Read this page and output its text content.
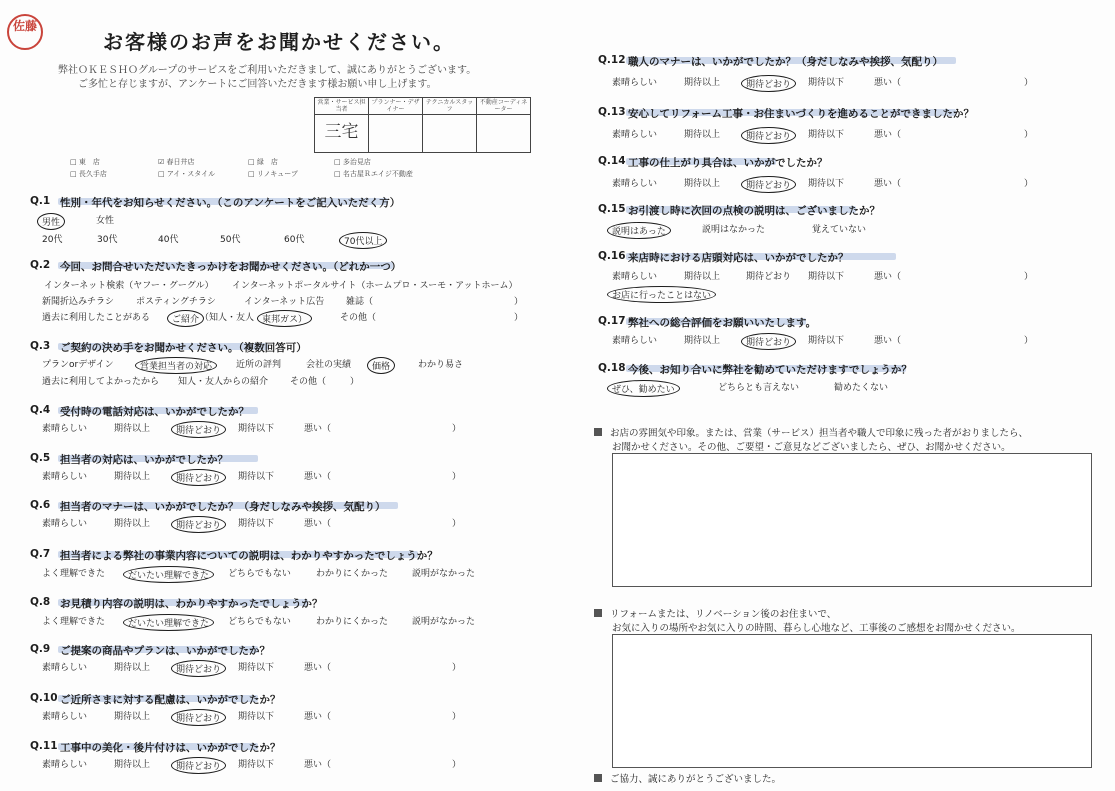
佐藤
お客様のお声をお聞かせください。
弊社ＯＫＥＳＨＯグループのサービスをご利用いただきまして、誠にありがとうございます。
ご多忙と存じますが、アンケートにご回答いただきます様お願い申し上げます。
営業・サービス担当者	プランナー・デザイナー	テクニカルスタッフ	不動産コーディネーター
三宅			
□ 東　店	☑ 春日井店	□ 緑　店	□ 多治見店
□ 長久手店	□ アイ・スタイル	□ リノキューブ	□ 名古屋Ｒエイジ不動産
Q.1 性別・年代をお知らせください。（このアンケートをご記入いただく方）
男性	女性
20代	30代	40代	50代	60代	70代以上
Q.2 今回、お問合せいただいたきっかけをお聞かせください。（どれか一つ）
インターネット検索（ヤフー・グーグル） インターネットポータルサイト（ホームプロ・スーモ・アットホーム）
新聞折込みチラシ ポスティングチラシ	インターネット広告 雑誌（	）
過去に利用したことがある	ご紹介 （知人・友人 東邦ガス）	その他（	）
Q.3 ご契約の決め手をお聞かせください。（複数回答可）
プランorデザイン	営業担当者の対応	近所の評判	会社の実績	価格	わかり易さ
過去に利用してよかったから 知人・友人からの紹介 その他（	）
Q.4 受付時の電話対応は、いかがでしたか？
素晴らしい	期待以上	期待どおり	期待以下	悪い（	）
Q.5 担当者の対応は、いかがでしたか？
素晴らしい	期待以上	期待どおり	期待以下	悪い（	）
Q.6 担当者のマナーは、いかがでしたか？（身だしなみや挨拶、気配り）
素晴らしい	期待以上	期待どおり	期待以下	悪い（	）
Q.9 ご提案の商品やプランは、いかがでしたか？
素晴らしい	期待以上	期待どおり	期待以下	悪い（	）
Q.10 ご近所さまに対する配慮は、いかがでしたか？
素晴らしい	期待以上	期待どおり	期待以下	悪い（	）
Q.11 工事中の美化・後片付けは、いかがでしたか？
素晴らしい	期待以上	期待どおり	期待以下	悪い（	）
Q.7 担当者による弊社の事業内容についての説明は、わかりやすかったでしょうか？
よく理解できた	だいたい理解できた	どちらでもない	わかりにくかった	説明がなかった
Q.8 お見積り内容の説明は、わかりやすかったでしょうか？
よく理解できた	だいたい理解できた	どちらでもない	わかりにくかった	説明がなかった
Q.12 職人のマナーは、いかがでしたか？（身だしなみや挨拶、気配り）
素晴らしい	期待以上	期待どおり	期待以下	悪い（	）
Q.13 安心してリフォーム工事・お住まいづくりを進めることができましたか？
素晴らしい	期待以上	期待どおり	期待以下	悪い（	）
Q.14 工事の仕上がり具合は、いかがでしたか？
素晴らしい	期待以上	期待どおり	期待以下	悪い（	）
Q.15 お引渡し時に次回の点検の説明は、ございましたか？
説明はあった	説明はなかった	覚えていない
Q.16 来店時における店頭対応は、いかがでしたか？
素晴らしい	期待以上	期待どおり 期待以下	悪い（	）
お店に行ったことはない
Q.17 弊社への総合評価をお願いいたします。
素晴らしい	期待以上	期待どおり	期待以下	悪い（	）
Q.18 今後、お知り合いに弊社を勧めていただけますでしょうか？
ぜひ、勧めたい	どちらとも言えない	勧めたくない
お店の雰囲気や印象。または、営業（サービス）担当者や職人で印象に残った者がおりましたら、
お聞かせください。その他、ご要望・ご意見などございましたら、ぜひ、お聞かせください。
リフォームまたは、リノベーション後のお住まいで、
お気に入りの場所やお気に入りの時間、暮らし心地など、工事後のご感想をお聞かせください。
ご協力、誠にありがとうございました。
